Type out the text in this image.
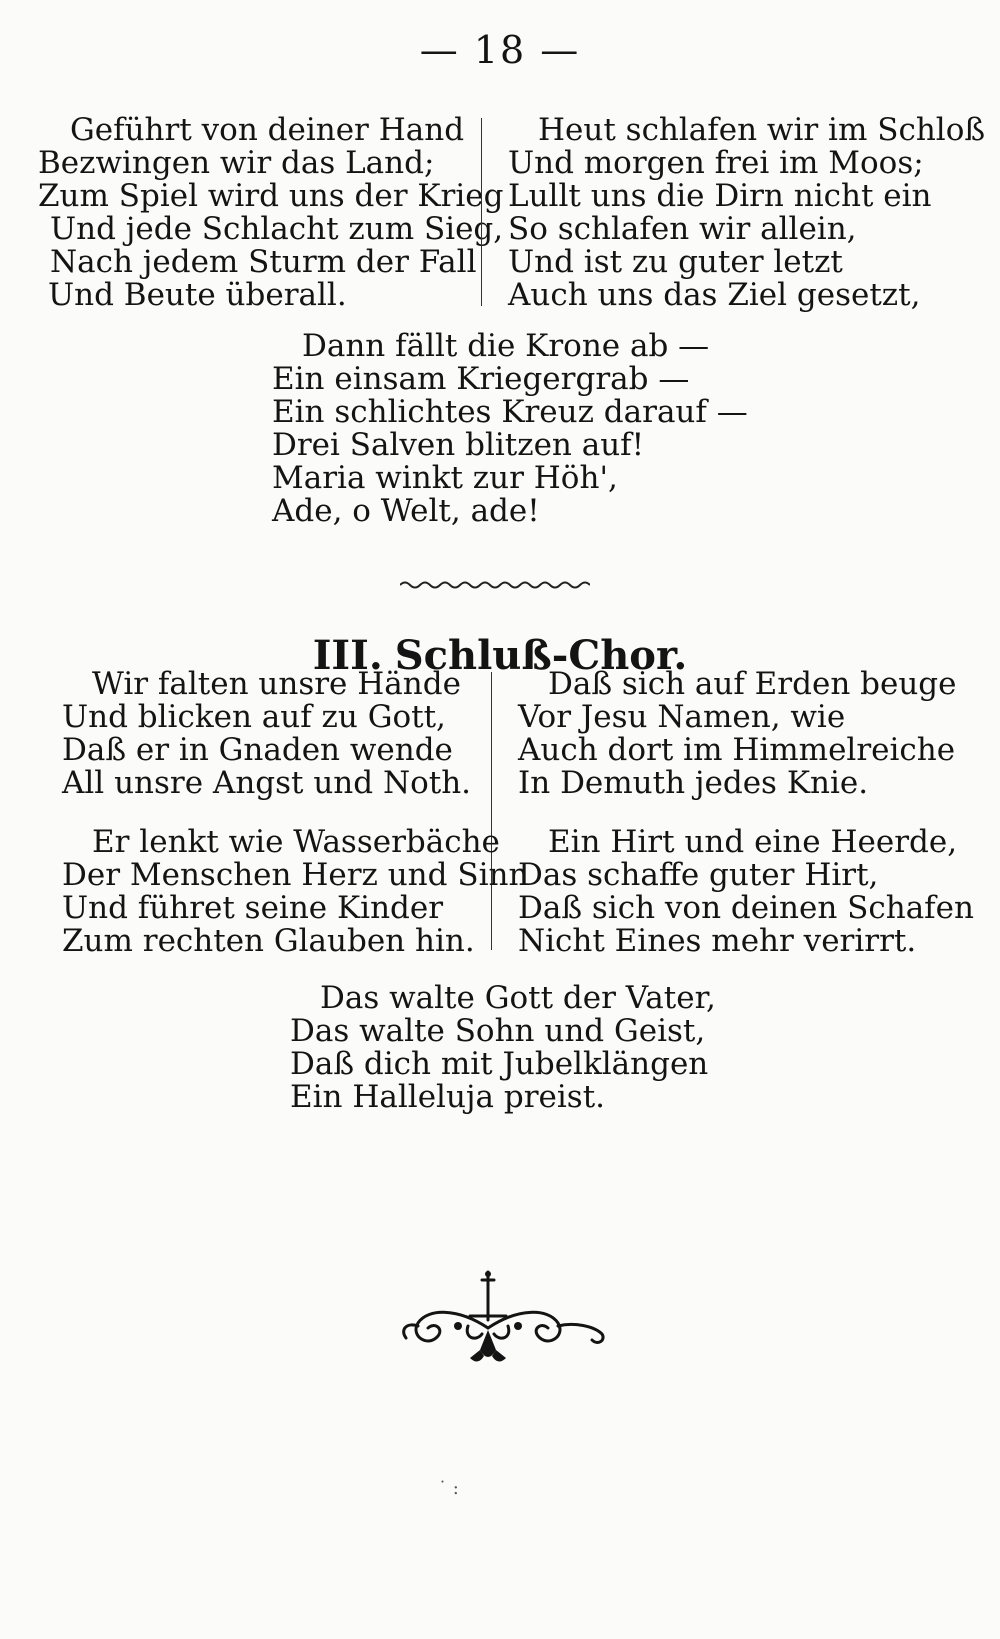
— 18 —
Geführt von deiner Hand
Bezwingen wir das Land;
Zum Spiel wird uns der Krieg
Und jede Schlacht zum Sieg,
Nach jedem Sturm der Fall
Und Beute überall.
Heut schlafen wir im Schloß
Und morgen frei im Moos;
Lullt uns die Dirn nicht ein
So schlafen wir allein,
Und ist zu guter letzt
Auch uns das Ziel gesetzt,
Dann fällt die Krone ab —
Ein einsam Kriegergrab —
Ein schlichtes Kreuz darauf —
Drei Salven blitzen auf!
Maria winkt zur Höh',
Ade, o Welt, ade!
III. Schluß-Chor.
Wir falten unsre Hände
Und blicken auf zu Gott,
Daß er in Gnaden wende
All unsre Angst und Noth.
Daß sich auf Erden beuge
Vor Jesu Namen, wie
Auch dort im Himmelreiche
In Demuth jedes Knie.
Er lenkt wie Wasserbäche
Der Menschen Herz und Sinn
Und führet seine Kinder
Zum rechten Glauben hin.
Ein Hirt und eine Heerde,
Das schaffe guter Hirt,
Daß sich von deinen Schafen
Nicht Eines mehr verirrt.
Das walte Gott der Vater,
Das walte Sohn und Geist,
Daß dich mit Jubelklängen
Ein Halleluja preist.
˙ :
